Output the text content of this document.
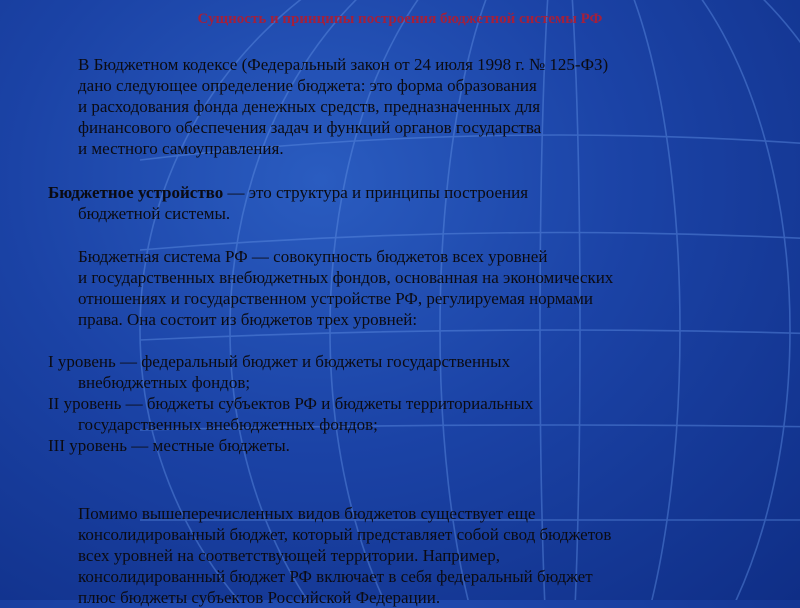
Сущность и принципы построения бюджетной системы РФ
В Бюджетном кодексе (Федеральный закон от 24 июля 1998 г. № 125-ФЗ)
дано следующее определение бюджета: это форма образования
и расходования фонда денежных средств, предназначенных для
финансового обеспечения задач и функций органов государства
и местного самоуправления.
Бюджетное устройство — это структура и принципы построения
бюджетной системы.
Бюджетная система РФ — совокупность бюджетов всех уровней
и государственных внебюджетных фондов, основанная на экономических
отношениях и государственном устройстве РФ, регулируемая нормами
права. Она состоит из бюджетов трех уровней:
I уровень — федеральный бюджет и бюджеты государственных
внебюджетных фондов;
II уровень — бюджеты субъектов РФ и бюджеты территориальных
государственных внебюджетных фондов;
III уровень — местные бюджеты.
Помимо вышеперечисленных видов бюджетов существует еще
консолидированный бюджет, который представляет собой свод бюджетов
всех уровней на соответствующей территории. Например,
консолидированный бюджет РФ включает в себя федеральный бюджет
плюс бюджеты субъектов Российской Федерации.
